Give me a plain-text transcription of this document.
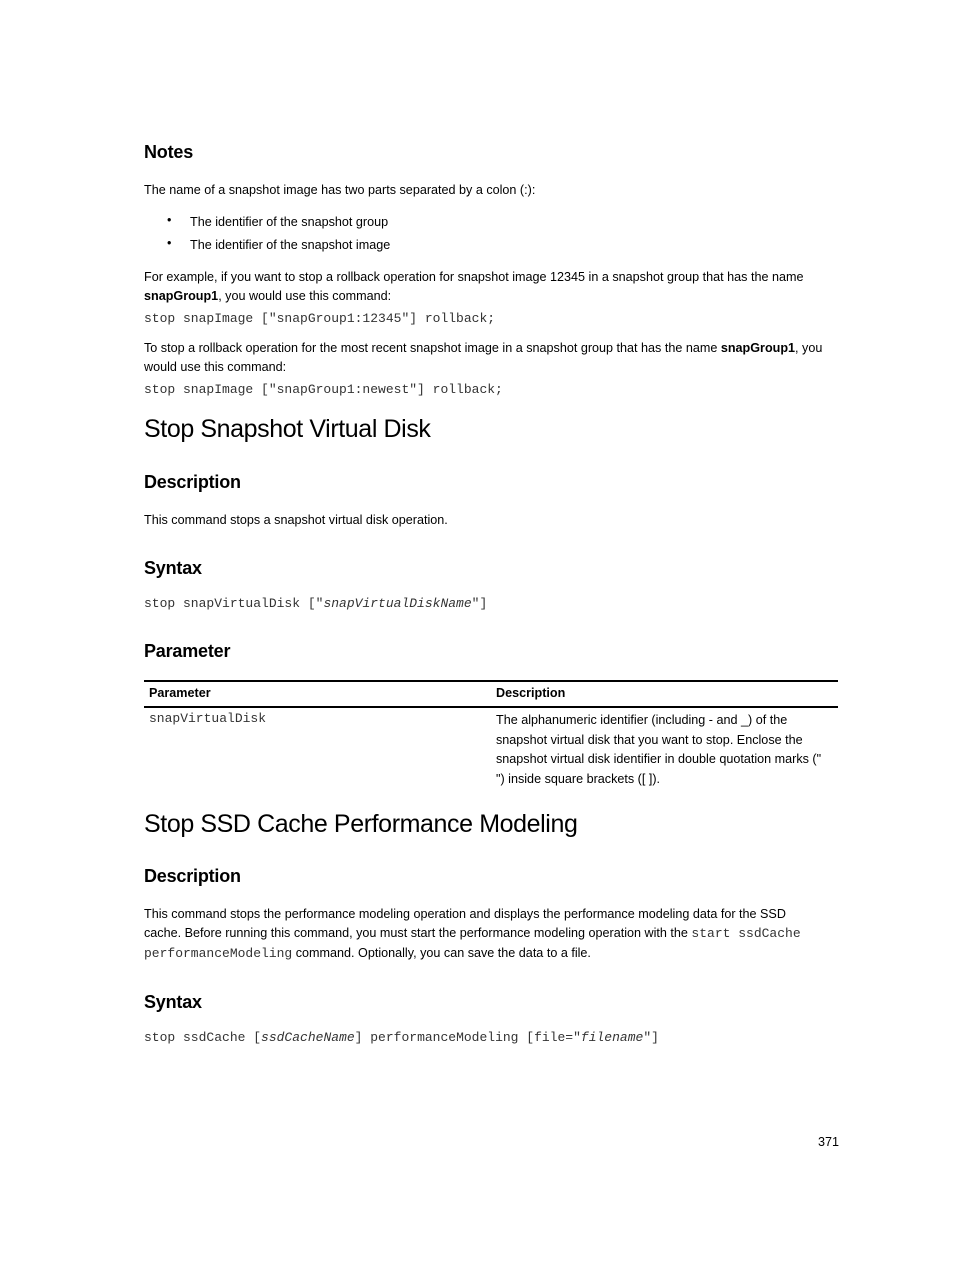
Notes
The name of a snapshot image has two parts separated by a colon (:):
• The identifier of the snapshot group
• The identifier of the snapshot image
For example, if you want to stop a rollback operation for snapshot image 12345 in a snapshot group that has the name
snapGroup1, you would use this command:
stop snapImage ["snapGroup1:12345"] rollback;
To stop a rollback operation for the most recent snapshot image in a snapshot group that has the name snapGroup1, you
would use this command:
stop snapImage ["snapGroup1:newest"] rollback;
Stop Snapshot Virtual Disk
Description
This command stops a snapshot virtual disk operation.
Syntax
stop snapVirtualDisk ["snapVirtualDiskName"]
Parameter
Parameter	Description
snapVirtualDisk	The alphanumeric identifier (including - and _) of the
snapshot virtual disk that you want to stop. Enclose the
snapshot virtual disk identifier in double quotation marks ("
") inside square brackets ([ ]).
Stop SSD Cache Performance Modeling
Description
This command stops the performance modeling operation and displays the performance modeling data for the SSD
cache. Before running this command, you must start the performance modeling operation with the start ssdCache
performanceModeling command. Optionally, you can save the data to a file.
Syntax
stop ssdCache [ssdCacheName] performanceModeling [file="filename"]
371
